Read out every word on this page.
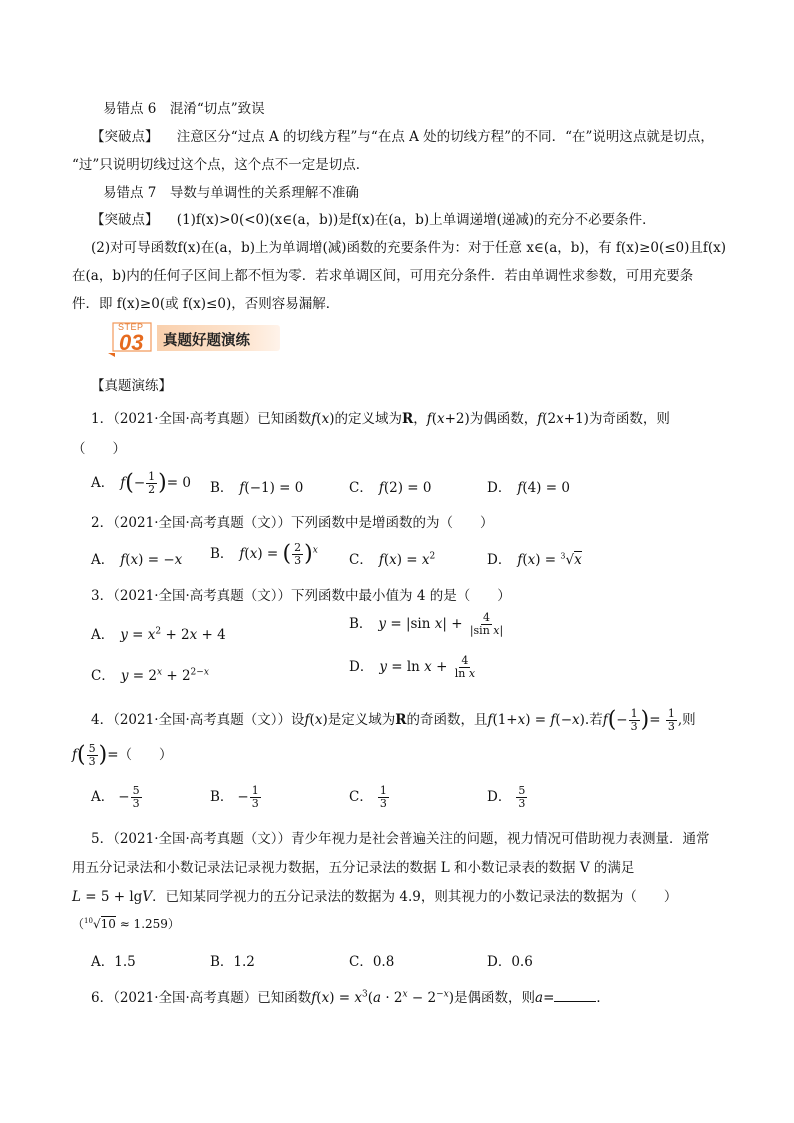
易错点 6　混淆“切点”致误
【突破点】 注意区分“过点 A 的切线方程”与“在点 A 处的切线方程”的不同．“在”说明这点就是切点，
“过”只说明切线过这个点，这个点不一定是切点．
易错点 7　导数与单调性的关系理解不准确
【突破点】 (1)f(x)>0(<0)(x∈(a，b))是f(x)在(a，b)上单调递增(递减)的充分不必要条件．
(2)对可导函数f(x)在(a，b)上为单调增(减)函数的充要条件为：对于任意 x∈(a，b)，有 f(x)≥0(≤0)且f(x)
在(a，b)内的任何子区间上都不恒为零．若求单调区间，可用充分条件．若由单调性求参数，可用充要条
件．即 f(x)≥0(或 f(x)≤0)，否则容易漏解．
STEP
03 真题好题演练
【真题演练】
1．（2021·全国·高考真题）已知函数f(x)的定义域为R，f(x+2)为偶函数，f(2x+1)为奇函数，则
（　　）
A． $f(- \frac{1}{2}$ )= 0 B． f(−1) = 0	C． f(2) = 0	D． f(4) = 0
2．（2021·全国·高考真题（文））下列函数中是增函数的为（　　）
A． f(x) = −x B． f(x) = ( $\frac{2}{3} )^x$
C． $f(x) = x^2$	D． f(x) = $^3$√x
3．（2021·全国·高考真题（文））下列函数中最小值为 4 的是（　　）
A． $y = x^2 + 2x + 4$
B． y = |sin $x| + \frac{4}{\text{|sin x|}}$
C． $y = 2^x + 2^{2-x}$	D． $y = \ln x + \frac{4}{\text{ln x}}$
4．（2021·全国·高考真题（文））设f(x)是定义域为R的奇函数，且f(1+x) = f(−x).若$f(- \frac{1}{3}$ )= $\frac{1}{3}$ ,则
$f( \frac{5}{3}$ )=（　　）
A． − $\frac{5}{3}$	B． − $\frac{1}{3}$	C． $\frac{1}{3}$	D． $\frac{5}{3}$
5．（2021·全国·高考真题（文））青少年视力是社会普遍关注的问题，视力情况可借助视力表测量．通常
用五分记录法和小数记录法记录视力数据，五分记录法的数据 L 和小数记录表的数据 V 的满足
L = 5 + lgV．已知某同学视力的五分记录法的数据为 4.9，则其视力的小数记录法的数据为（　　）
（$^{10}$√10 ≈ 1.259）
A．1.5	B．1.2	C．0.8	D．0.6
6．（2021·全国·高考真题）已知函数$f(x) = x^3(a \cdot 2^x - 2^{-x})$是偶函数，则a=	．
